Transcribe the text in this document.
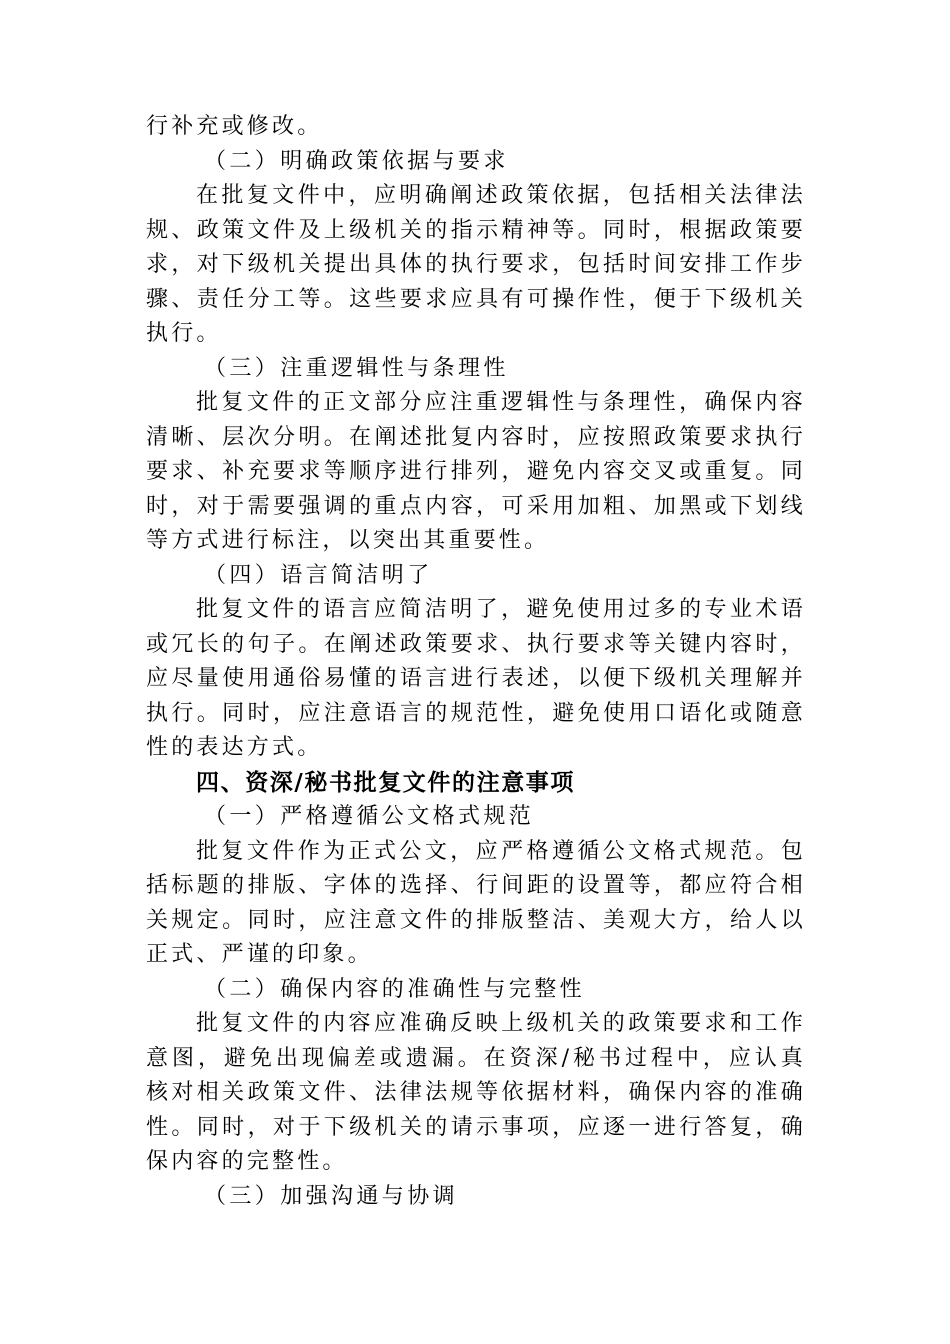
行补充或修改。

（二）明确政策依据与要求

在批复文件中，应明确阐述政策依据，包括相关法律法规、政策文件及上级机关的指示精神等。同时，根据政策要求，对下级机关提出具体的执行要求，包括时间安排工作步骤、责任分工等。这些要求应具有可操作性，便于下级机关执行。

（三）注重逻辑性与条理性

批复文件的正文部分应注重逻辑性与条理性，确保内容清晰、层次分明。在阐述批复内容时，应按照政策要求执行要求、补充要求等顺序进行排列，避免内容交叉或重复。同时，对于需要强调的重点内容，可采用加粗、加黑或下划线等方式进行标注，以突出其重要性。

（四）语言简洁明了

批复文件的语言应简洁明了，避免使用过多的专业术语或冗长的句子。在阐述政策要求、执行要求等关键内容时，应尽量使用通俗易懂的语言进行表述，以便下级机关理解并执行。同时，应注意语言的规范性，避免使用口语化或随意性的表达方式。

四、资深/秘书批复文件的注意事项

（一）严格遵循公文格式规范

批复文件作为正式公文，应严格遵循公文格式规范。包括标题的排版、字体的选择、行间距的设置等，都应符合相关规定。同时，应注意文件的排版整洁、美观大方，给人以正式、严谨的印象。

（二）确保内容的准确性与完整性

批复文件的内容应准确反映上级机关的政策要求和工作意图，避免出现偏差或遗漏。在资深/秘书过程中，应认真核对相关政策文件、法律法规等依据材料，确保内容的准确性。同时，对于下级机关的请示事项，应逐一进行答复，确保内容的完整性。

（三）加强沟通与协调
